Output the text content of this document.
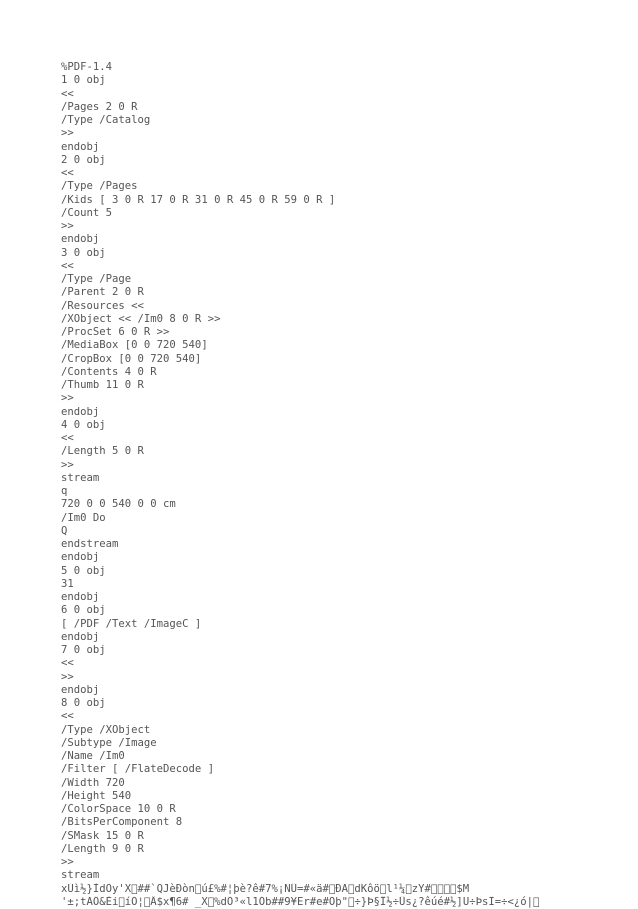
%PDF-1.4
1 0 obj
<<
/Pages 2 0 R
/Type /Catalog
>>
endobj
2 0 obj
<<
/Type /Pages
/Kids [ 3 0 R 17 0 R 31 0 R 45 0 R 59 0 R ]
/Count 5
>>
endobj
3 0 obj
<<
/Type /Page
/Parent 2 0 R
/Resources <<
/XObject << /Im0 8 0 R >>
/ProcSet 6 0 R >>
/MediaBox [0 0 720 540]
/CropBox [0 0 720 540]
/Contents 4 0 R
/Thumb 11 0 R
>>
endobj
4 0 obj
<<
/Length 5 0 R
>>
stream
q
720 0 0 540 0 0 cm
/Im0 Do
Q
endstream
endobj
5 0 obj
31
endobj
6 0 obj
[ /PDF /Text /ImageC ]
endobj
7 0 obj
<<
>>
endobj
8 0 obj
<<
/Type /XObject
/Subtype /Image
/Name /Im0
/Filter [ /FlateDecode ]
/Width 720
/Height 540
/ColorSpace 10 0 R
/BitsPerComponent 8
/SMask 15 0 R
/Length 9 0 R
>>
stream
xÚì½}ÌdÕy'X ##`QJèÐòn ú£%#¦þè?ê#7%¡ÑÛ=#«ä# ÐÃ dKôö l¹¼ zY#    $M
'±;tÃÔ&Èi íÕ¦ Â$x¶6# _X %dÕ³«l1Ób##9¥Er#e#Õþ" ÷}Þ§Î½÷Ûs¿?êúé#½]U÷ÞsÏ=÷<¿ó| 
